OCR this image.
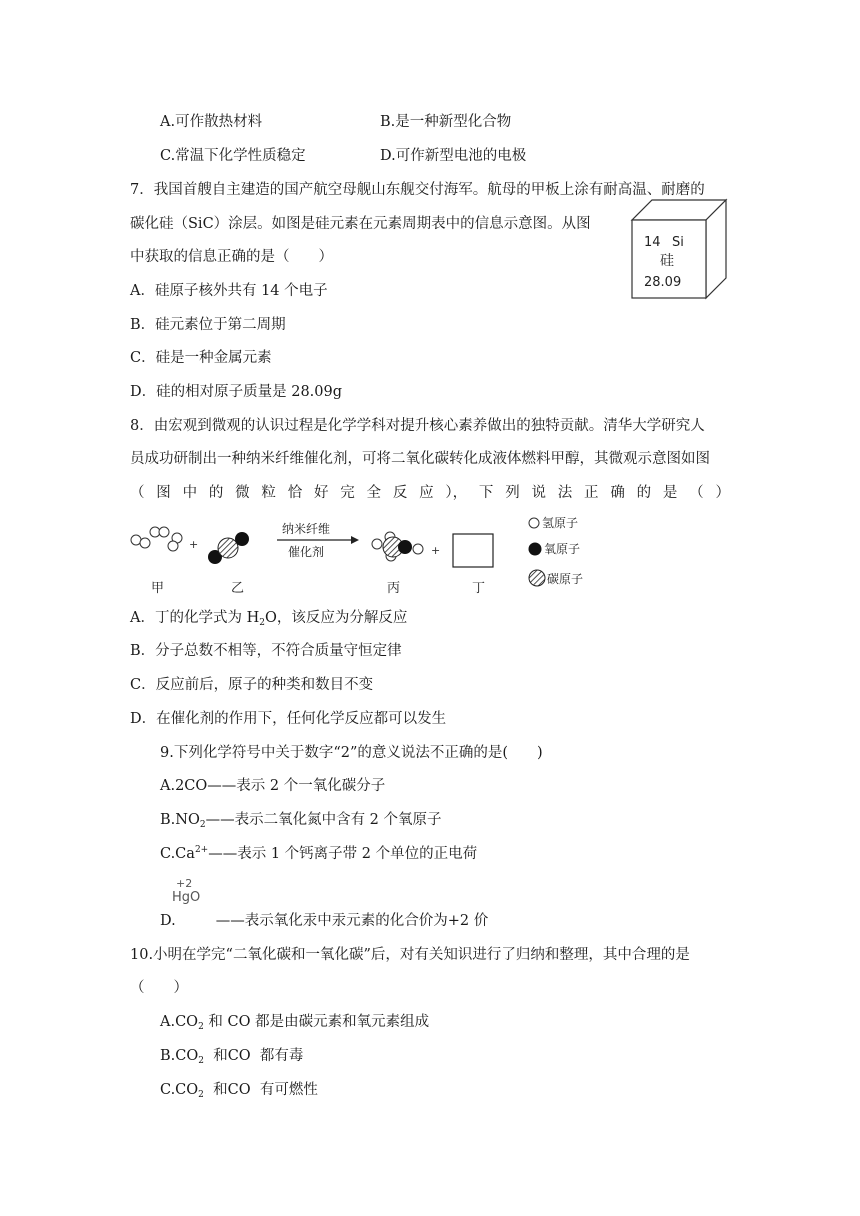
A.可作散热材料	B.是一种新型化合物
C.常温下化学性质稳定	D.可作新型电池的电极
7．我国首艘自主建造的国产航空母舰山东舰交付海军。航母的甲板上涂有耐高温、耐磨的
碳化硅（SiC）涂层。如图是硅元素在元素周期表中的信息示意图。从图
中获取的信息正确的是（　　）
14 Si
硅
28.09
A．硅原子核外共有 14 个电子
B．硅元素位于第二周期
C．硅是一种金属元素
D．硅的相对原子质量是 28.09g
8．由宏观到微观的认识过程是化学学科对提升核心素养做出的独特贡献。清华大学研究人
员成功研制出一种纳米纤维催化剂，可将二氧化碳转化成液体燃料甲醇，其微观示意图如图
（ 图 中 的 微 粒 恰 好 完 全 反 应 ）， 下 列 说 法 正 确 的 是 （ ）
+
纳米纤维
催化剂	+
甲	乙	丙	丁
氢原子
氧原子
碳原子
A．丁的化学式为 $H_2O$，该反应为分解反应
B．分子总数不相等，不符合质量守恒定律
C．反应前后，原子的种类和数目不变
D．在催化剂的作用下，任何化学反应都可以发生
9.下列化学符号中关于数字“2”的意义说法不正确的是(　　)
A.2CO——表示 2 个一氧化碳分子
$B.NO_2——$表示二氧化氮中含有 2 个氧原子
$C.Ca^{2+}——$表示 1 个钙离子带 2 个单位的正电荷
+2
HgO
D.	——表示氧化汞中汞元素的化合价为+2 价
10.小明在学完“二氧化碳和一氧化碳”后，对有关知识进行了归纳和整理，其中合理的是
（　　）
$A.CO_2$ 和 CO 都是由碳元素和氧元素组成
$B.CO_2$  和CO  都有毒
$C.CO_2$  和CO  有可燃性
